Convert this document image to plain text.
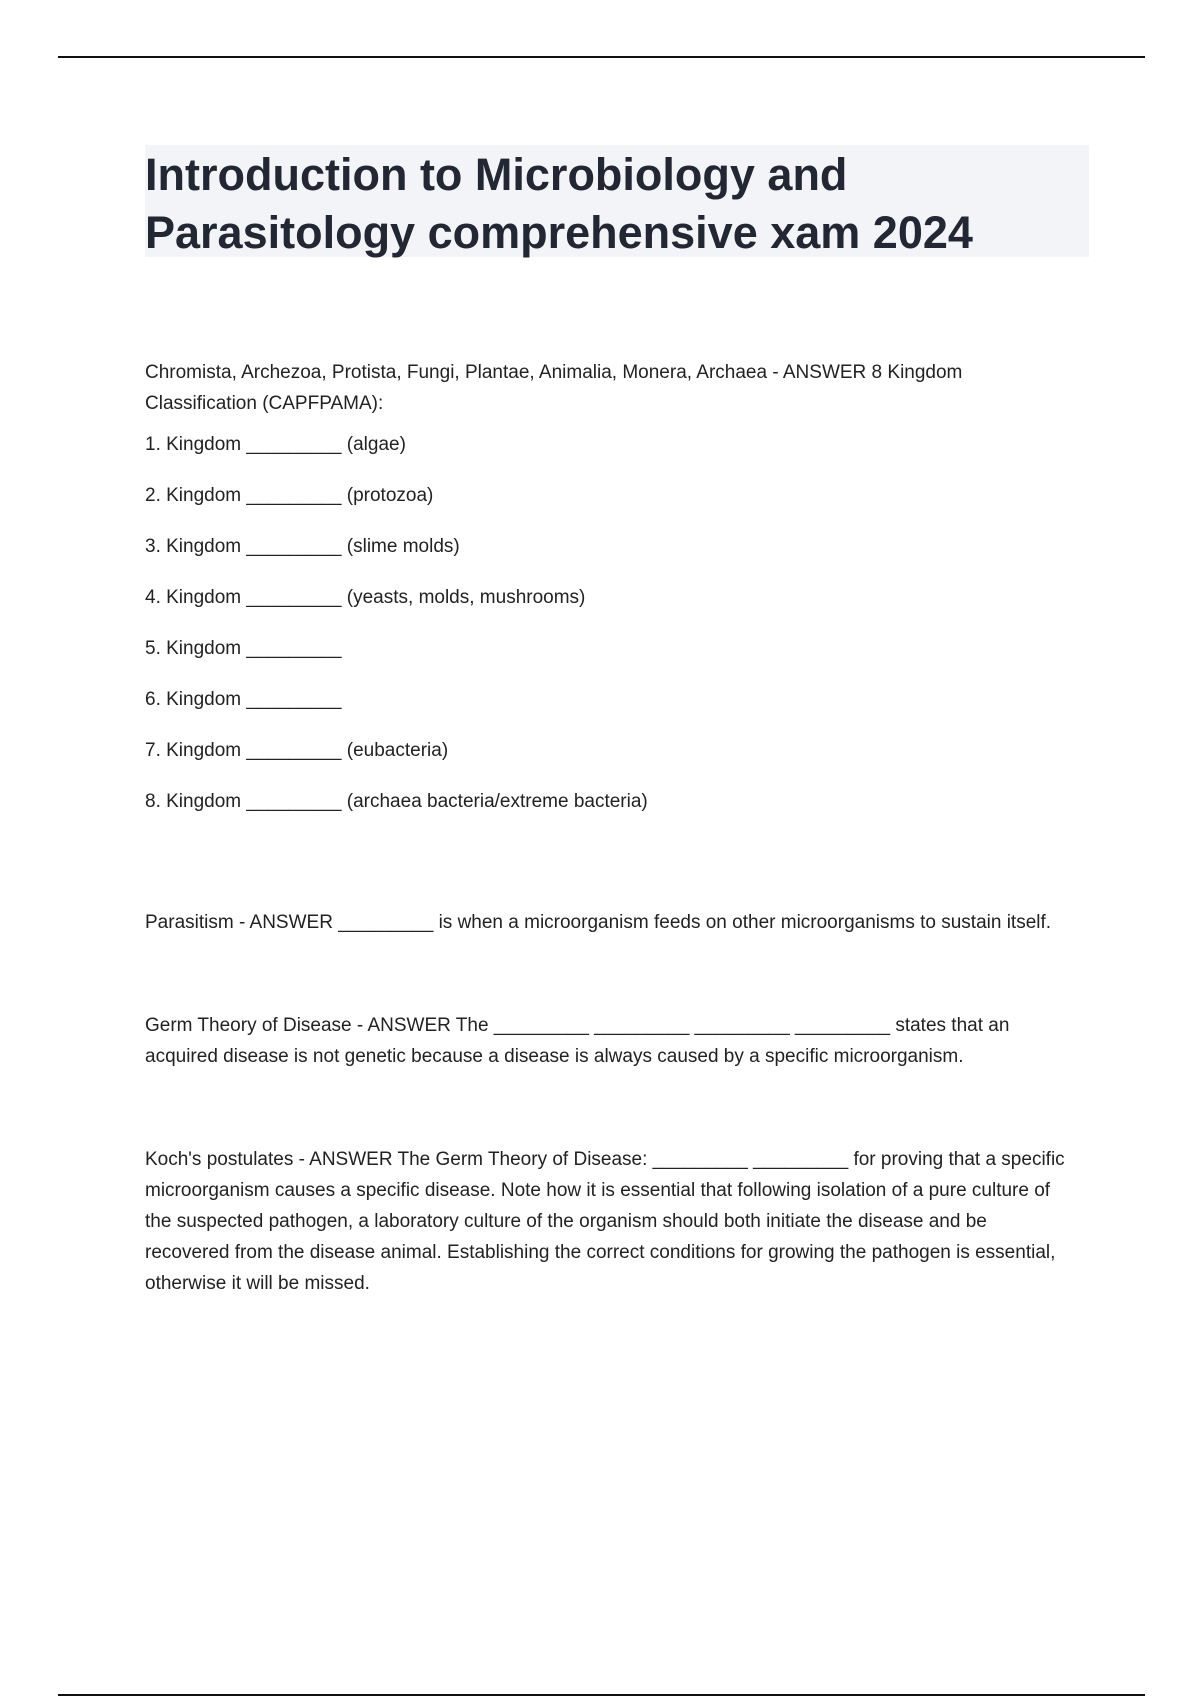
Introduction to Microbiology and Parasitology comprehensive xam 2024

Chromista, Archezoa, Protista, Fungi, Plantae, Animalia, Monera, Archaea - ANSWER 8 Kingdom Classification (CAPFPAMA):

1. Kingdom _________ (algae)

2. Kingdom _________ (protozoa)

3. Kingdom _________ (slime molds)

4. Kingdom _________ (yeasts, molds, mushrooms)

5. Kingdom _________

6. Kingdom _________

7. Kingdom _________ (eubacteria)

8. Kingdom _________ (archaea bacteria/extreme bacteria)

Parasitism - ANSWER _________ is when a microorganism feeds on other microorganisms to sustain itself.

Germ Theory of Disease - ANSWER The _________ _________ _________ _________ states that an acquired disease is not genetic because a disease is always caused by a specific microorganism.

Koch's postulates - ANSWER The Germ Theory of Disease: _________ _________ for proving that a specific microorganism causes a specific disease. Note how it is essential that following isolation of a pure culture of the suspected pathogen, a laboratory culture of the organism should both initiate the disease and be recovered from the disease animal. Establishing the correct conditions for growing the pathogen is essential, otherwise it will be missed.
